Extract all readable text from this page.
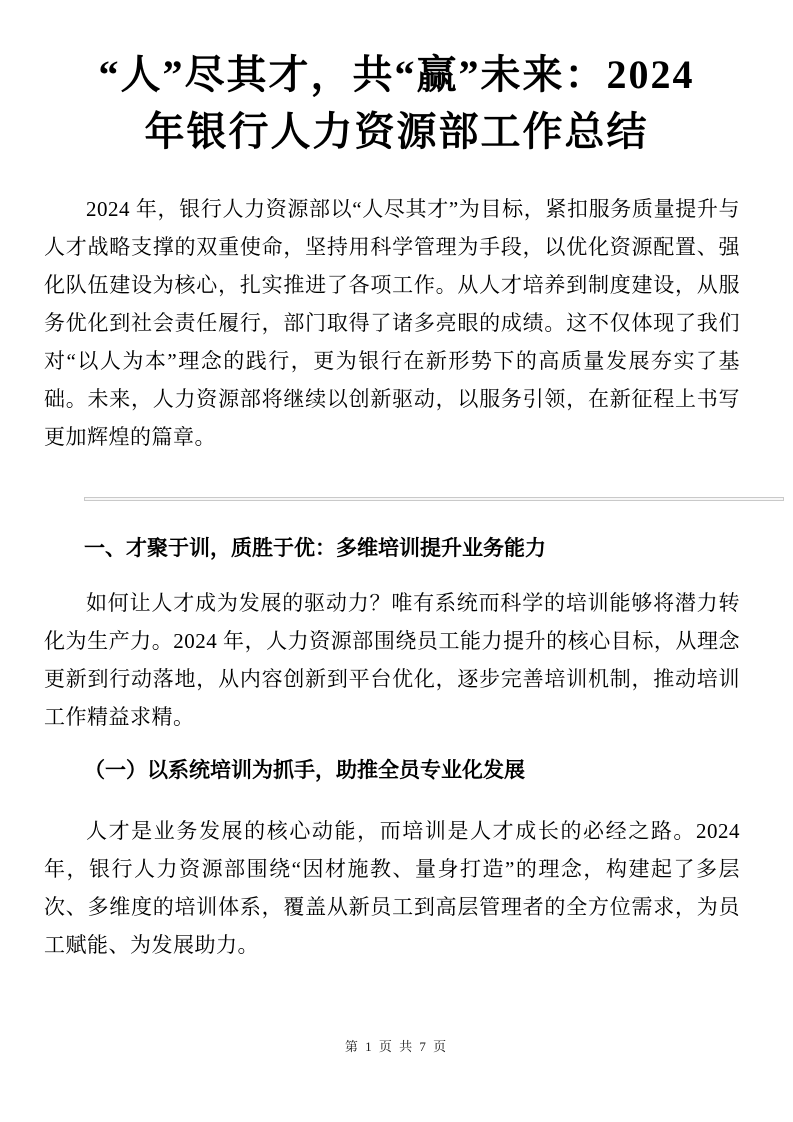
“人”尽其才，共“赢”未来：2024
年银行人力资源部工作总结

2024 年，银行人力资源部以“人尽其才”为目标，紧扣服务质量提升与人才战略支撑的双重使命，坚持用科学管理为手段，以优化资源配置、强化队伍建设为核心，扎实推进了各项工作。从人才培养到制度建设，从服务优化到社会责任履行，部门取得了诸多亮眼的成绩。这不仅体现了我们对“以人为本”理念的践行，更为银行在新形势下的高质量发展夯实了基础。未来，人力资源部将继续以创新驱动，以服务引领，在新征程上书写更加辉煌的篇章。

一、才聚于训，质胜于优：多维培训提升业务能力

如何让人才成为发展的驱动力？唯有系统而科学的培训能够将潜力转化为生产力。2024 年，人力资源部围绕员工能力提升的核心目标，从理念更新到行动落地，从内容创新到平台优化，逐步完善培训机制，推动培训工作精益求精。

（一）以系统培训为抓手，助推全员专业化发展

人才是业务发展的核心动能，而培训是人才成长的必经之路。2024 年，银行人力资源部围绕“因材施教、量身打造”的理念，构建起了多层次、多维度的培训体系，覆盖从新员工到高层管理者的全方位需求，为员工赋能、为发展助力。

第 1 页 共 7 页
